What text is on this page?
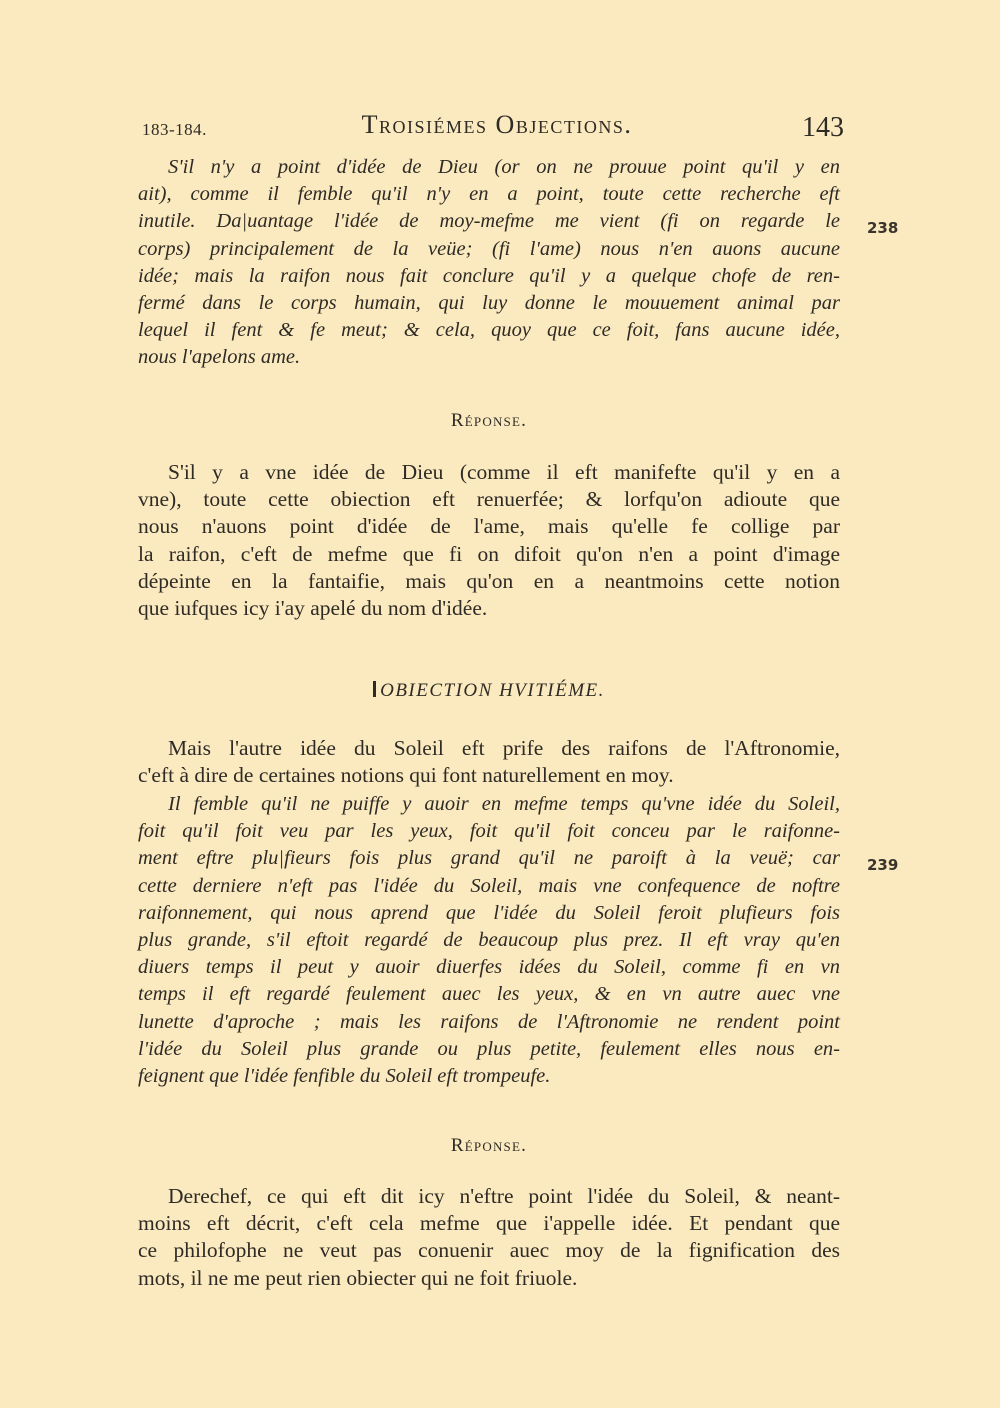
183-184.	Troisiémes Objections.	143
S'il n'y a point d'idée de Dieu (or on ne prouue point qu'il y en
ait), comme il femble qu'il n'y en a point, toute cette recherche eft
inutile. Da|uantage l'idée de moy-mefme me vient (fi on regarde le
corps) principalement de la veüe; (fi l'ame) nous n'en auons aucune
idée; mais la raifon nous fait conclure qu'il y a quelque chofe de ren-
fermé dans le corps humain, qui luy donne le mouuement animal par
lequel il fent & fe meut; & cela, quoy que ce foit, fans aucune idée,
nous l'apelons ame.
238
Réponse.
S'il y a vne idée de Dieu (comme il eft manifefte qu'il y en a
vne), toute cette obiection eft renuerfée; & lorfqu'on adioute que
nous n'auons point d'idée de l'ame, mais qu'elle fe collige par
la raifon, c'eft de mefme que fi on difoit qu'on n'en a point d'image
dépeinte en la fantaifie, mais qu'on en a neantmoins cette notion
que iufques icy i'ay apelé du nom d'idée.
OBIECTION HVITIÉME.
Mais l'autre idée du Soleil eft prife des raifons de l'Aftronomie,
c'eft à dire de certaines notions qui font naturellement en moy.
Il femble qu'il ne puiffe y auoir en mefme temps qu'vne idée du Soleil,
foit qu'il foit veu par les yeux, foit qu'il foit conceu par le raifonne-
ment eftre plu|fieurs fois plus grand qu'il ne paroift à la veuë; car
cette derniere n'eft pas l'idée du Soleil, mais vne confequence de noftre
raifonnement, qui nous aprend que l'idée du Soleil feroit plufieurs fois
plus grande, s'il eftoit regardé de beaucoup plus prez. Il eft vray qu'en
diuers temps il peut y auoir diuerfes idées du Soleil, comme fi en vn
temps il eft regardé feulement auec les yeux, & en vn autre auec vne
lunette d'aproche ; mais les raifons de l'Aftronomie ne rendent point
l'idée du Soleil plus grande ou plus petite, feulement elles nous en-
feignent que l'idée fenfible du Soleil eft trompeufe.
239
Réponse.
Derechef, ce qui eft dit icy n'eftre point l'idée du Soleil, & neant-
moins eft décrit, c'eft cela mefme que i'appelle idée. Et pendant que
ce philofophe ne veut pas conuenir auec moy de la fignification des
mots, il ne me peut rien obiecter qui ne foit friuole.
